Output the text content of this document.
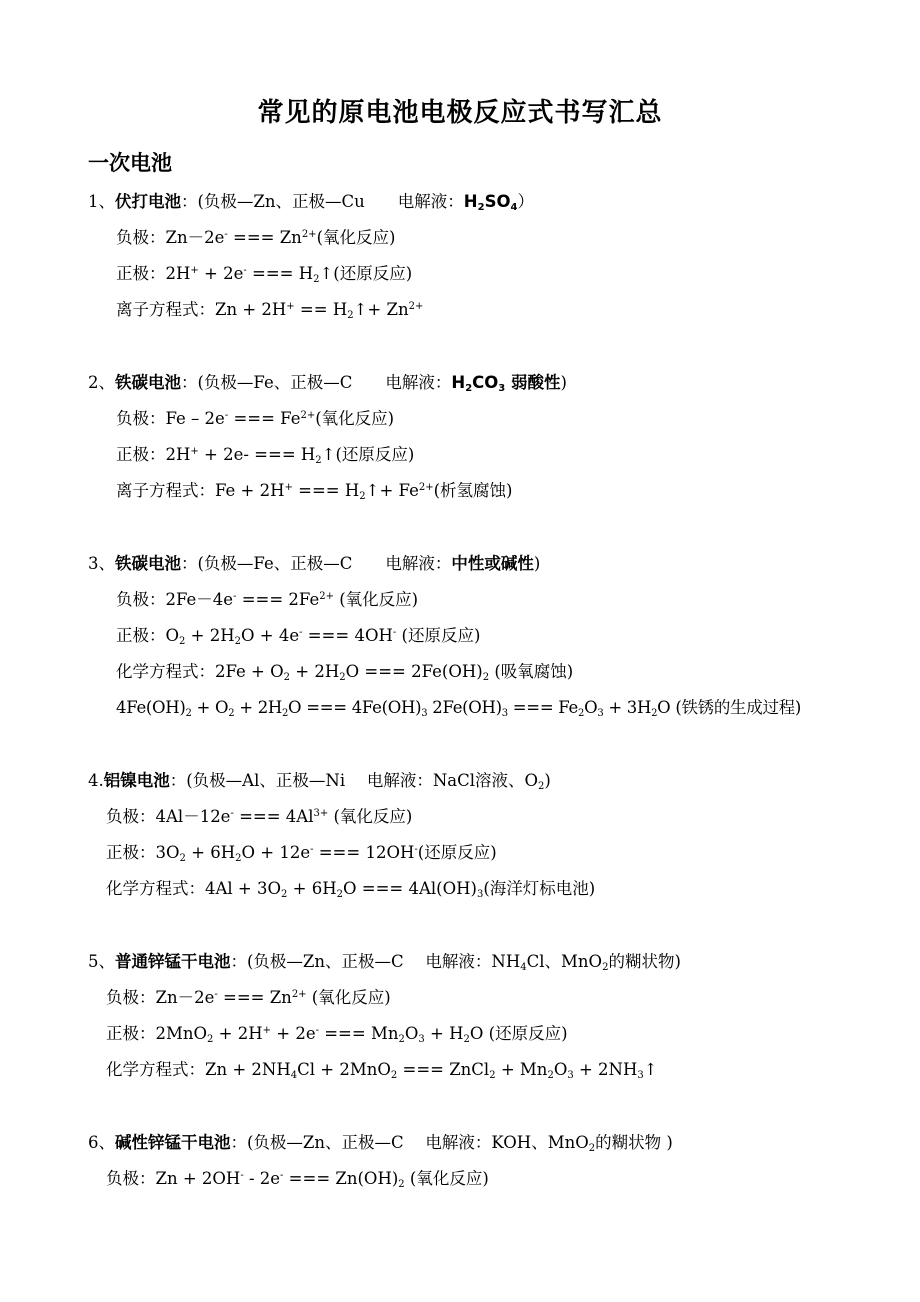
常见的原电池电极反应式书写汇总
一次电池
1、伏打电池：(负极—Zn、正极—Cu　　电解液：$H_2SO_4$）
负极：Zn－2e- === $Zn^{2+}$(氧化反应)
正极：2H+ + 2e- === $H_2↑$(还原反应)
离子方程式：$Zn + 2H^+ == H_2↑+ Zn^{2+}$
2、铁碳电池：(负极—Fe、正极—C　　电解液：$H_2CO_3$ 弱酸性)
负极：Fe – 2e- === $Fe^{2+}$(氧化反应)
正极：2H+ + 2e- === $H_2↑$(还原反应)
离子方程式：Fe + 2H+ === $H_2↑+ Fe^{2+}$(析氢腐蚀)
3、铁碳电池：(负极—Fe、正极—C　　电解液：中性或碱性)
负极：2Fe－4e- === $2Fe^{2+}$ (氧化反应)
正极：$O_2 + 2H_2O + 4e^-$ === 4OH- (还原反应)
化学方程式：$2Fe + O_2 + 2H_2O$ === $2Fe(OH)_2$ (吸氧腐蚀)
$4Fe(OH)_2 + O_2 + 2H_2O$ === $4Fe(OH)_3$ $2Fe(OH)_3$ === $Fe_2O_3 + 3H_2O$ (铁锈的生成过程)
4.铝镍电池：(负极—Al、正极—Ni　 电解液：NaCl溶液、$O_2$)
负极：4Al－12e- === $4Al^{3+}$ (氧化反应)
正极：$3O_2 + 6H_2O + 12e^-$ === 12OH-(还原反应)
化学方程式：$4Al + 3O_2 + 6H_2O$ === $4Al(OH)_3$(海洋灯标电池)
5、普通锌锰干电池：(负极—Zn、正极—C　 电解液：$NH_4Cl$、MnO$_2$的糊状物)
负极：Zn－2e- === $Zn^{2+}$ (氧化反应)
正极：2MnO$_2$ + 2H+ + 2e- === $Mn_2O_3 + H_2O$ (还原反应)
化学方程式：$Zn + 2NH_4Cl + 2MnO_2$ === ZnCl$_2$ + $Mn_2O_3$ + $2NH_3↑$
6、碱性锌锰干电池：(负极—Zn、正极—C　 电解液：KOH、MnO$_2$的糊状物 )
负极：Zn + 2OH- - 2e- === $Zn(OH)_2$ (氧化反应)
